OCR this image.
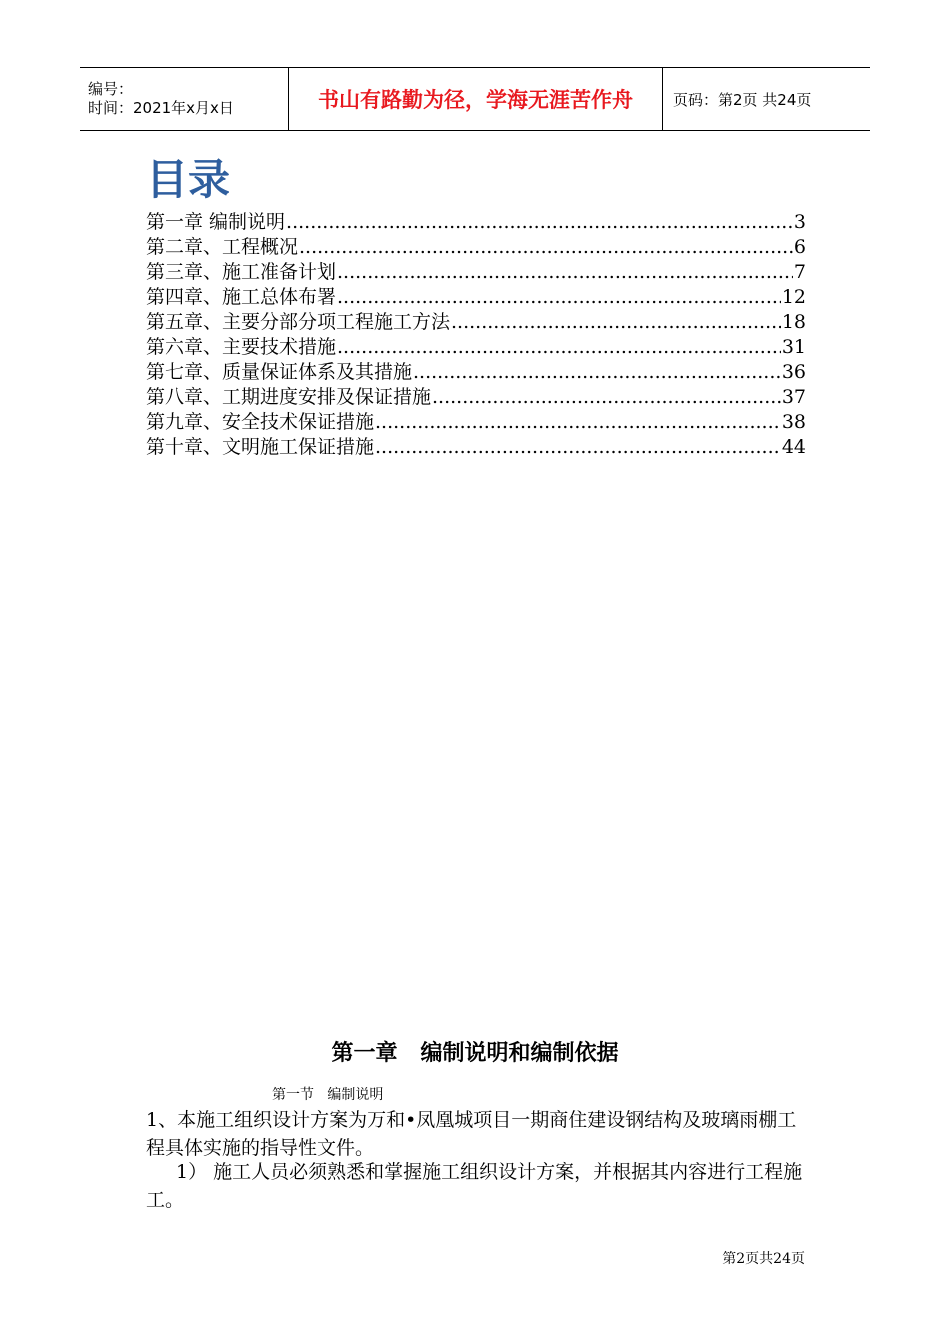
编号：
时间：2021年x月x日	书山有路勤为径，学海无涯苦作舟	页码：第2页 共24页
目录
第一章 编制说明 .....	3
第二章、工程概况 .....	6
第三章、施工准备计划 .....	7
第四章、施工总体布署 .....	12
第五章、主要分部分项工程施工方法 .....	18
第六章、主要技术措施 .....	31
第七章、质量保证体系及其措施 .....	36
第八章、工期进度安排及保证措施 .....	37
第九章、安全技术保证措施 .....	38
第十章、文明施工保证措施 .....	44
第一章   编制说明和编制依据
第一节   编制说明
1、本施工组织设计方案为万和•凤凰城项目一期商住建设钢结构及玻璃雨棚工程具体实施的指导性文件。
1） 施工人员必须熟悉和掌握施工组织设计方案，并根据其内容进行工程施工。
第2页共24页
